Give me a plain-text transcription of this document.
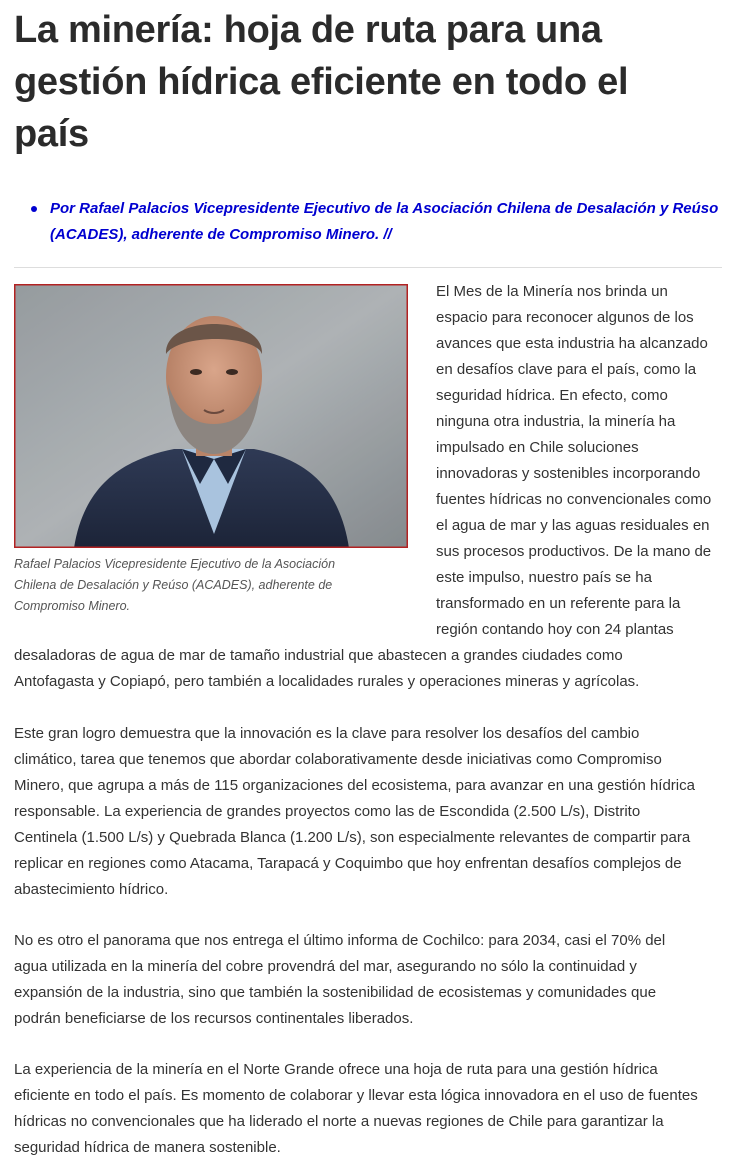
La minería: hoja de ruta para una
gestión hídrica eficiente en todo el
país
Por Rafael Palacios Vicepresidente Ejecutivo de la Asociación Chilena de Desalación y Reúso
(ACADES), adherente de Compromiso Minero. //
Rafael Palacios Vicepresidente Ejecutivo de la Asociación
Chilena de Desalación y Reúso (ACADES), adherente de
Compromiso Minero.
El Mes de la Minería nos brinda un
espacio para reconocer algunos de los
avances que esta industria ha alcanzado
en desafíos clave para el país, como la
seguridad hídrica. En efecto, como
ninguna otra industria, la minería ha
impulsado en Chile soluciones
innovadoras y sostenibles incorporando
fuentes hídricas no convencionales como
el agua de mar y las aguas residuales en
sus procesos productivos. De la mano de
este impulso, nuestro país se ha
transformado en un referente para la
región contando hoy con 24 plantas
desaladoras de agua de mar de tamaño industrial que abastecen a grandes ciudades como
Antofagasta y Copiapó, pero también a localidades rurales y operaciones mineras y agrícolas.
Este gran logro demuestra que la innovación es la clave para resolver los desafíos del cambio
climático, tarea que tenemos que abordar colaborativamente desde iniciativas como Compromiso
Minero, que agrupa a más de 115 organizaciones del ecosistema, para avanzar en una gestión hídrica
responsable. La experiencia de grandes proyectos como las de Escondida (2.500 L/s), Distrito
Centinela (1.500 L/s) y Quebrada Blanca (1.200 L/s), son especialmente relevantes de compartir para
replicar en regiones como Atacama, Tarapacá y Coquimbo que hoy enfrentan desafíos complejos de
abastecimiento hídrico.
No es otro el panorama que nos entrega el último informa de Cochilco: para 2034, casi el 70% del
agua utilizada en la minería del cobre provendrá del mar, asegurando no sólo la continuidad y
expansión de la industria, sino que también la sostenibilidad de ecosistemas y comunidades que
podrán beneficiarse de los recursos continentales liberados.
La experiencia de la minería en el Norte Grande ofrece una hoja de ruta para una gestión hídrica
eficiente en todo el país. Es momento de colaborar y llevar esta lógica innovadora en el uso de fuentes
hídricas no convencionales que ha liderado el norte a nuevas regiones de Chile para garantizar la
seguridad hídrica de manera sostenible.
